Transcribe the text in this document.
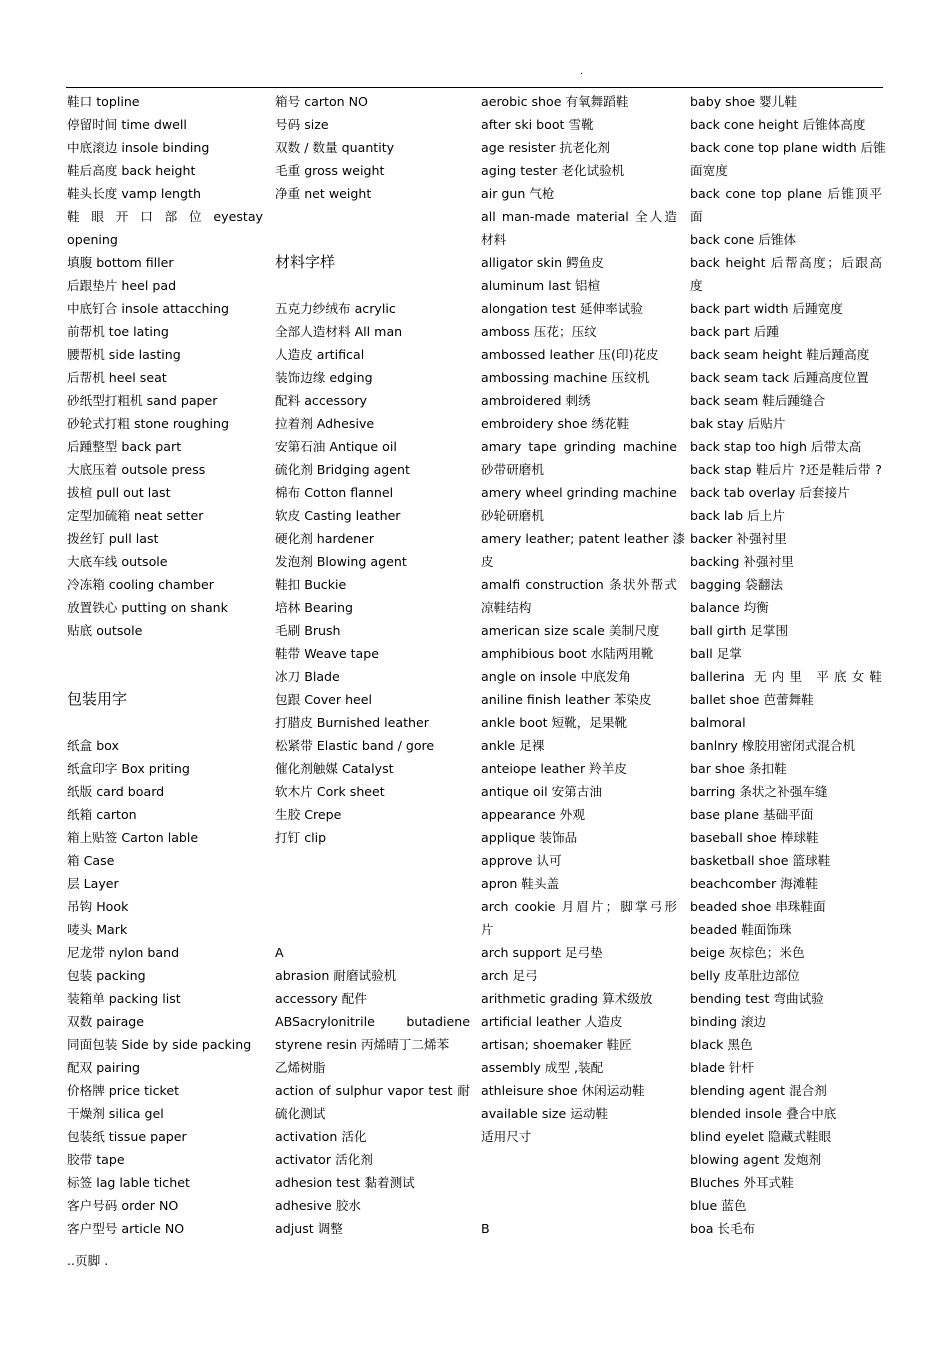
.
鞋口 topline
停留时间 time dwell
中底滚边 insole binding
鞋后高度 back height
鞋头长度 vamp length
鞋 眼 开 口 部 位 eyestay
opening
填腹 bottom filler
后跟垫片 heel pad
中底钉合 insole attacching
前帮机 toe lating
腰帮机 side lasting
后帮机 heel seat
砂纸型打粗机 sand paper
砂轮式打粗 stone roughing
后踵整型 back part
大底压着 outsole press
拔楦 pull out last
定型加硫箱 neat setter
拨丝钉 pull last
大底车线 outsole
冷冻箱 cooling chamber
放置铁心 putting on shank
贴底 outsole
包装用字
纸盒 box
纸盒印字 Box priting
纸版 card board
纸箱 carton
箱上贴签 Carton lable
箱 Case
层 Layer
吊钩 Hook
唛头 Mark
尼龙带 nylon band
包装 packing
装箱单 packing list
双数 pairage
同面包装 Side by side packing
配双 pairing
价格牌 price ticket
干燥剂 silica gel
包装纸 tissue paper
胶带 tape
标签 lag lable tichet
客户号码 order NO
客户型号 article NO
箱号 carton NO
号码 size
双数 / 数量 quantity
毛重 gross weight
净重 net weight
材料字样
五克力纱绒布 acrylic
全部人造材料 All man
人造皮 artifical
装饰边缘 edging
配料 accessory
拉着剂 Adhesive
安第石油 Antique oil
硫化剂 Bridging agent
棉布 Cotton flannel
软皮 Casting leather
硬化剂 hardener
发泡剂 Blowing agent
鞋扣 Buckie
培林 Bearing
毛刷 Brush
鞋带 Weave tape
冰刀 Blade
包跟 Cover heel
打腊皮 Burnished leather
松紧带 Elastic band / gore
催化剂触媒 Catalyst
软木片 Cork sheet
生胶 Crepe
打钉 clip
A
abrasion 耐磨试验机
accessory 配件
ABSacrylonitrile butadiene
styrene resin 丙烯晴丁二烯苯
乙烯树脂
action of sulphur vapor test 耐
硫化测试
activation 活化
activator 活化剂
adhesion test 黏着测试
adhesive 胶水
adjust 调整
aerobic shoe 有氧舞蹈鞋
after ski boot 雪靴
age resister 抗老化剂
aging tester 老化试验机
air gun 气枪
all man-made material 全人造
材料
alligator skin 鳄鱼皮
aluminum last 铝楦
alongation test 延伸率试验
amboss 压花；压纹
ambossed leather 压(印)花皮
ambossing machine 压纹机
ambroidered 刺绣
embroidery shoe 绣花鞋
amary tape grinding machine
砂带研磨机
amery wheel grinding machine
砂轮研磨机
amery leather; patent leather 漆
皮
amalfi construction 条状外帮式
凉鞋结构
american size scale 美制尺度
amphibious boot 水陆两用靴
angle on insole 中底发角
aniline finish leather 苯染皮
ankle boot 短靴，足果靴
ankle 足裸
anteiope leather 羚羊皮
antique oil 安第古油
appearance 外观
applique 装饰品
approve 认可
apron 鞋头盖
arch cookie 月眉片；脚掌弓形
片
arch support 足弓垫
arch 足弓
arithmetic grading 算术级放
artificial leather 人造皮
artisan; shoemaker 鞋匠
assembly 成型 ,装配
athleisure shoe 休闲运动鞋
available size 运动鞋
适用尺寸
B
baby shoe 婴儿鞋
back cone height 后锥体高度
back cone top plane width 后锥
面宽度
back cone top plane 后锥顶平
面
back cone 后锥体
back height 后帮高度；后跟高
度
back part width 后踵宽度
back part 后踵
back seam height 鞋后踵高度
back seam tack 后踵高度位置
back seam 鞋后踵缝合
bak stay 后贴片
back stap too high 后带太高
back stap 鞋后片 ?还是鞋后带 ?
back tab overlay 后套接片
back lab 后上片
backer 补强衬里
backing 补强衬里
bagging 袋翻法
balance 均衡
ball girth 足掌围
ball 足掌
ballerina 无内里 平底女鞋
ballet shoe 芭蕾舞鞋
balmoral
banlnry 橡胶用密闭式混合机
bar shoe 条扣鞋
barring 条状之补强车缝
base plane 基础平面
baseball shoe 棒球鞋
basketball shoe 篮球鞋
beachcomber 海滩鞋
beaded shoe 串珠鞋面
beaded 鞋面饰珠
beige 灰棕色；米色
belly 皮革肚边部位
bending test 弯曲试验
binding 滚边
black 黑色
blade 针杆
blending agent 混合剂
blended insole 叠合中底
blind eyelet 隐藏式鞋眼
blowing agent 发炮剂
Bluches 外耳式鞋
blue 蓝色
boa 长毛布
..页脚 .
